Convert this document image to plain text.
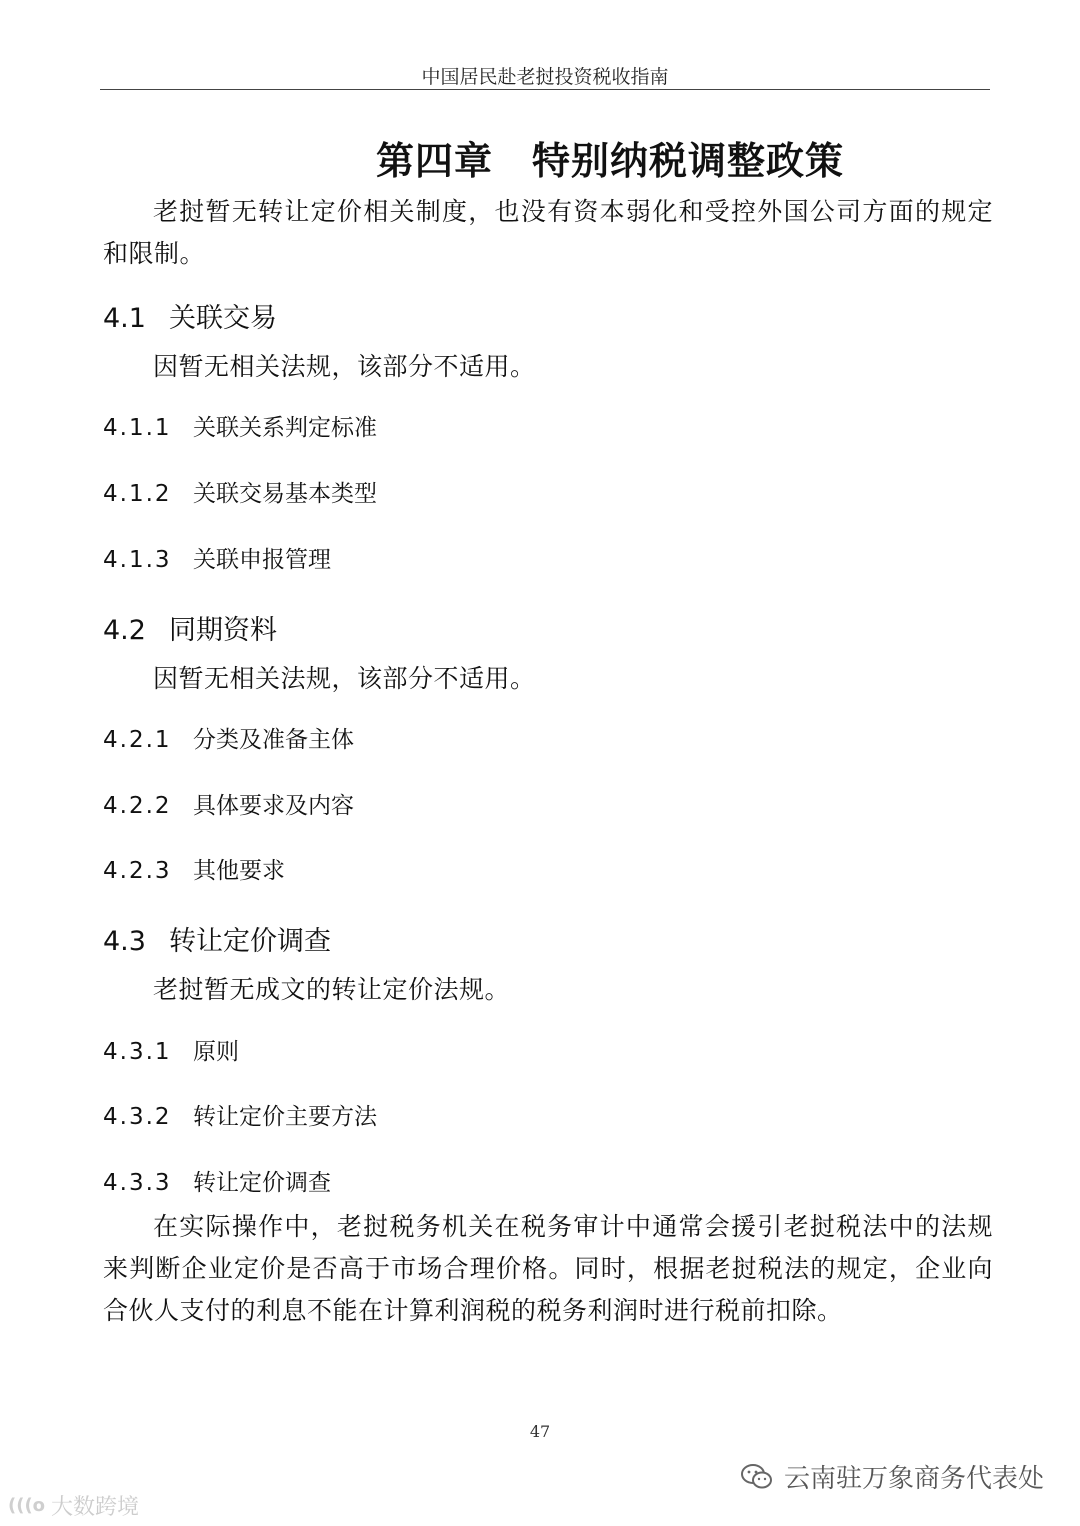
中国居民赴老挝投资税收指南
第四章　特别纳税调整政策

老挝暂无转让定价相关制度，也没有资本弱化和受控外国公司方面的规定和限制。

4.1 关联交易

因暂无相关法规，该部分不适用。

4.1.1 关联关系判定标准
4.1.2 关联交易基本类型
4.1.3 关联申报管理
4.2 同期资料

因暂无相关法规，该部分不适用。

4.2.1 分类及准备主体
4.2.2 具体要求及内容
4.2.3 其他要求
4.3 转让定价调查

老挝暂无成文的转让定价法规。

4.3.1 原则
4.3.2 转让定价主要方法
4.3.3 转让定价调查

在实际操作中，老挝税务机关在税务审计中通常会援引老挝税法中的法规来判断企业定价是否高于市场合理价格。同时，根据老挝税法的规定，企业向合伙人支付的利息不能在计算利润税的税务利润时进行税前扣除。

47
云南驻万象商务代表处
(((o 大数跨境
